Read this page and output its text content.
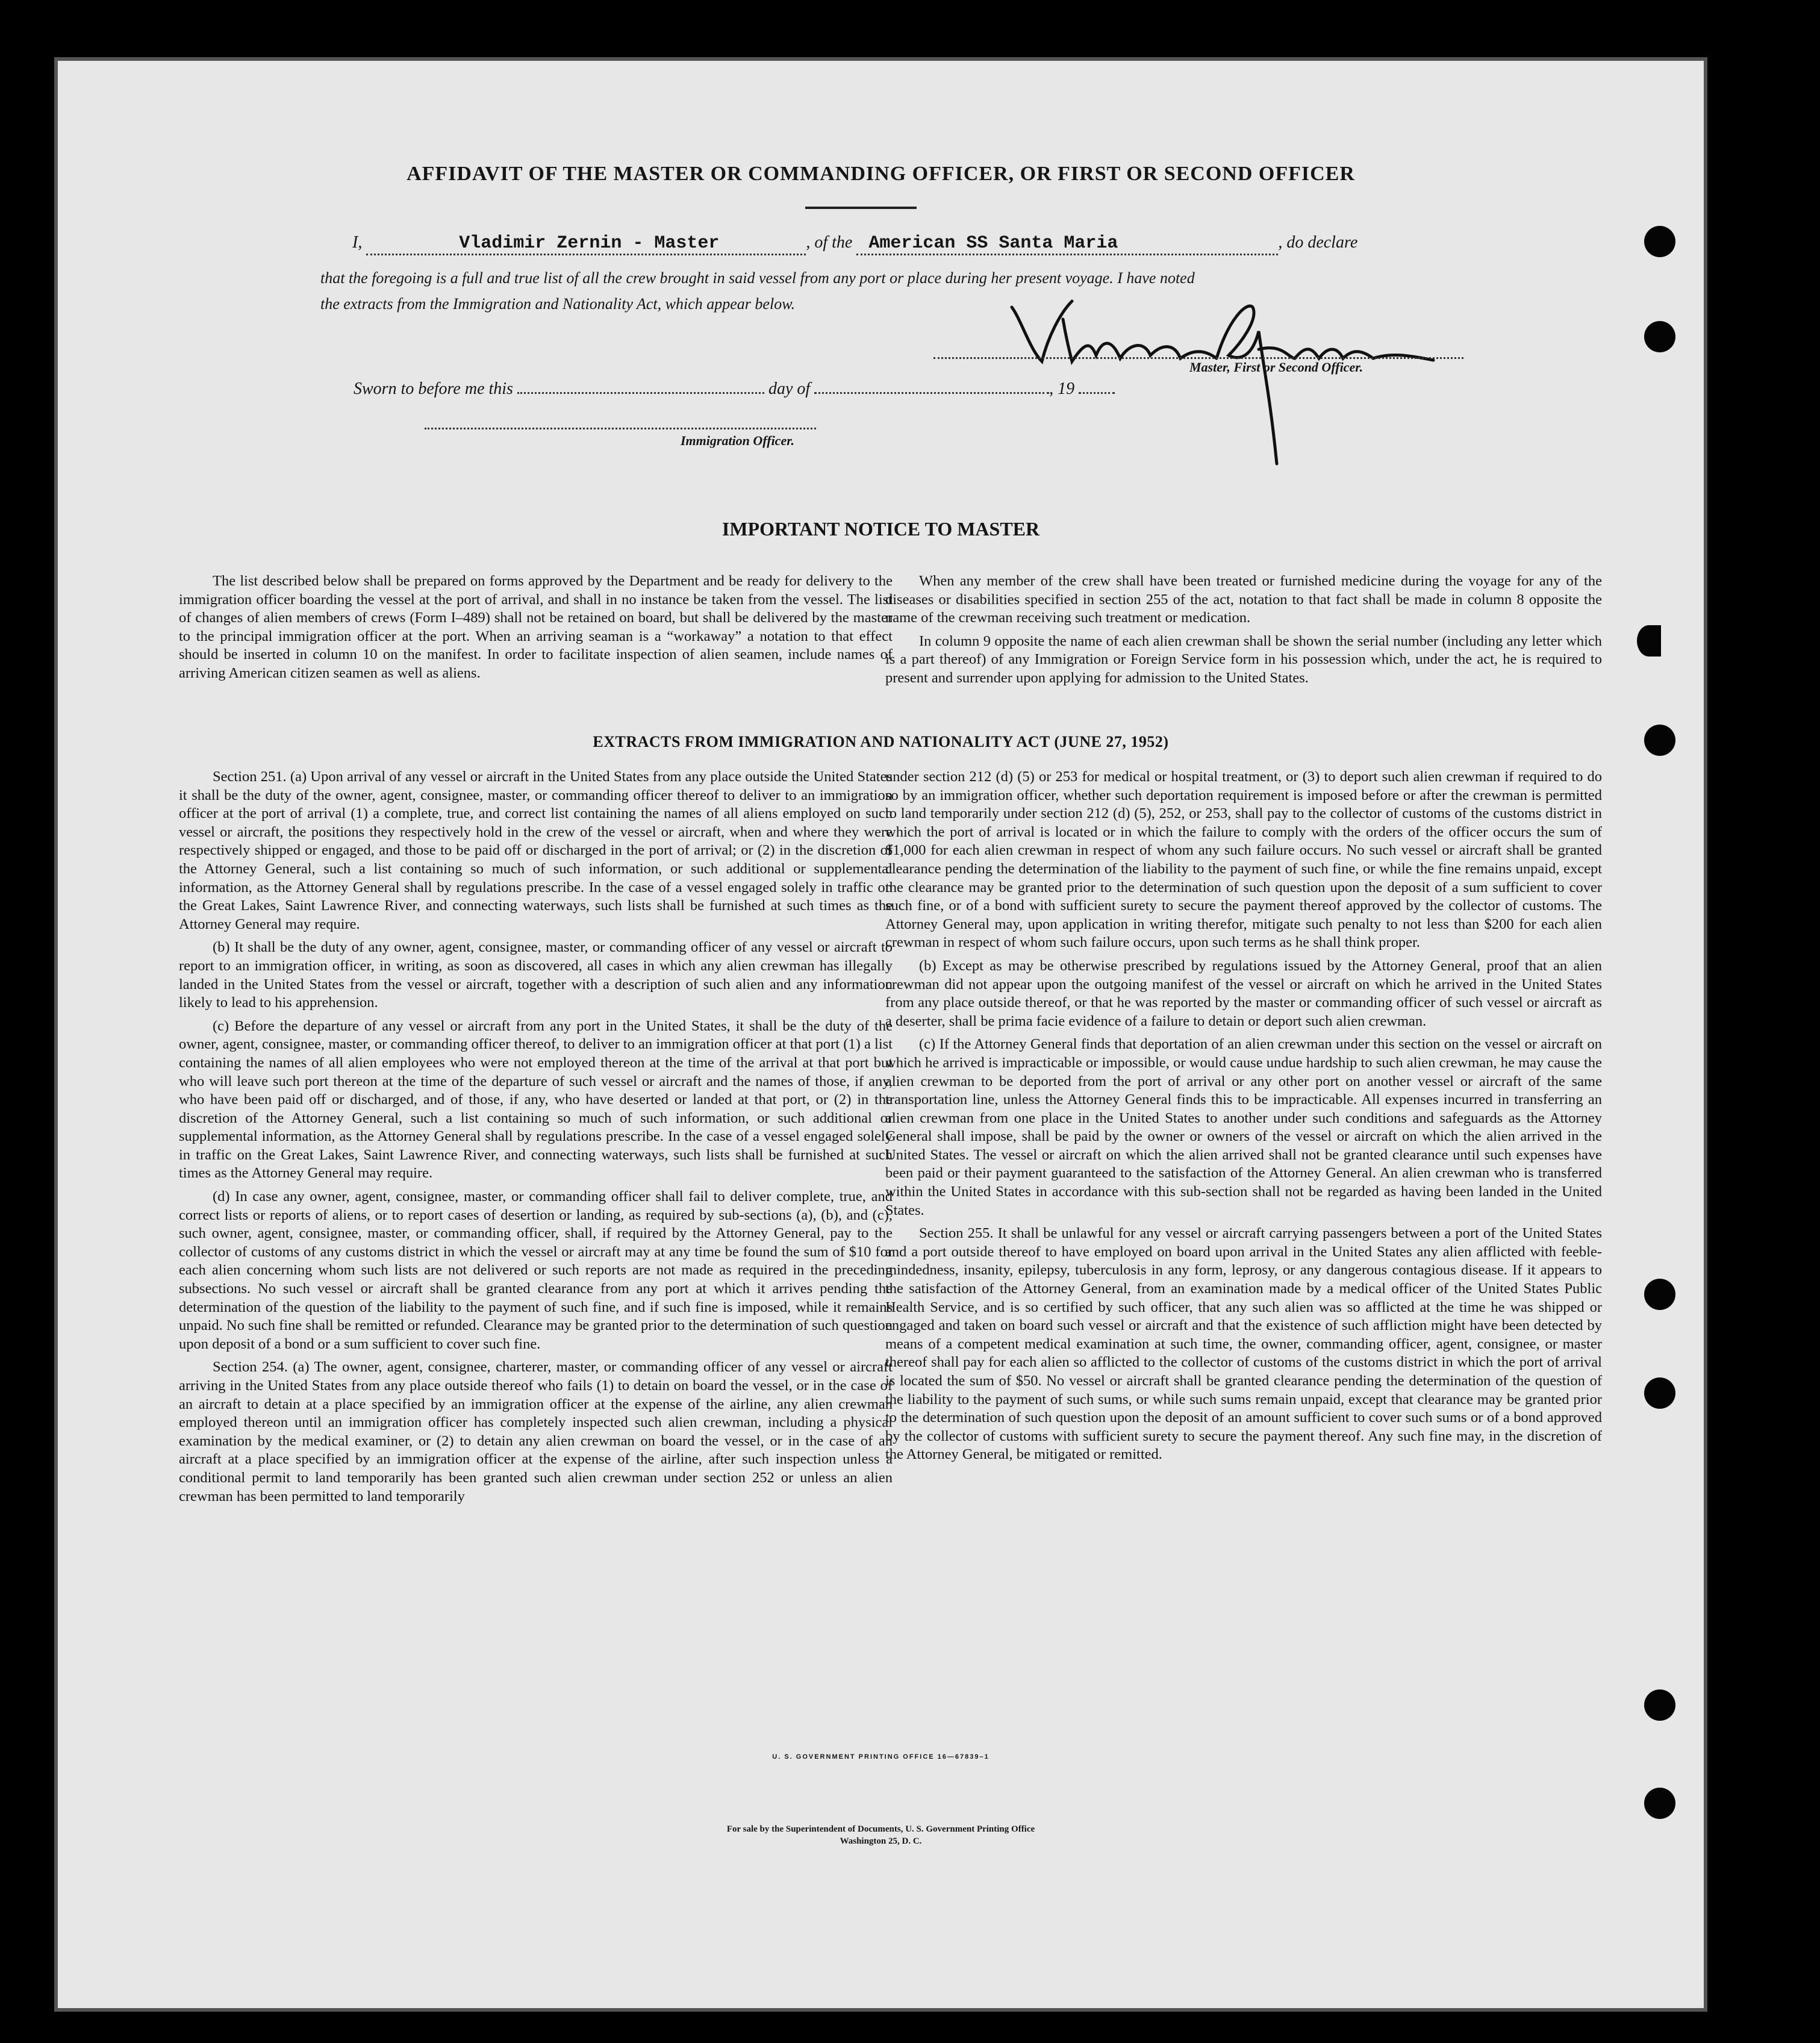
AFFIDAVIT OF THE MASTER OR COMMANDING OFFICER, OR FIRST OR SECOND OFFICER
I,	Vladimir Zernin - Master	, of the American SS Santa Maria	, do declare
that the foregoing is a full and true list of all the crew brought in said vessel from any port or place during her present voyage. I have noted
the extracts from the Immigration and Nationality Act, which appear below.
Master, First or Second Officer.
Sworn to before me this	day of	, 19
Immigration Officer.
IMPORTANT NOTICE TO MASTER

The list described below shall be prepared on forms approved by the Department and be ready for delivery to the immigration officer boarding the vessel at the port of arrival, and shall in no instance be taken from the vessel. The list of changes of alien members of crews (Form I–489) shall not be retained on board, but shall be delivered by the master to the principal immigration officer at the port. When an arriving seaman is a “workaway” a notation to that effect should be inserted in column 10 on the manifest. In order to facilitate inspection of alien seamen, include names of arriving American citizen seamen as well as aliens.

When any member of the crew shall have been treated or furnished medicine during the voyage for any of the diseases or disabilities specified in section 255 of the act, notation to that fact shall be made in column 8 opposite the name of the crewman receiving such treatment or medication.

In column 9 opposite the name of each alien crewman shall be shown the serial number (including any letter which is a part thereof) of any Immigration or Foreign Service form in his possession which, under the act, he is required to present and surrender upon applying for admission to the United States.

EXTRACTS FROM IMMIGRATION AND NATIONALITY ACT (JUNE 27, 1952)

Section 251. (a) Upon arrival of any vessel or aircraft in the United States from any place outside the United States it shall be the duty of the owner, agent, consignee, master, or commanding officer thereof to deliver to an immigration officer at the port of arrival (1) a complete, true, and correct list containing the names of all aliens employed on such vessel or aircraft, the positions they respectively hold in the crew of the vessel or aircraft, when and where they were respectively shipped or engaged, and those to be paid off or discharged in the port of arrival; or (2) in the discretion of the Attorney General, such a list containing so much of such information, or such additional or supplemental information, as the Attorney General shall by regulations prescribe. In the case of a vessel engaged solely in traffic on the Great Lakes, Saint Lawrence River, and connecting waterways, such lists shall be furnished at such times as the Attorney General may require.

(b) It shall be the duty of any owner, agent, consignee, master, or commanding officer of any vessel or aircraft to report to an immigration officer, in writing, as soon as discovered, all cases in which any alien crewman has illegally landed in the United States from the vessel or aircraft, together with a description of such alien and any information likely to lead to his apprehension.

(c) Before the departure of any vessel or aircraft from any port in the United States, it shall be the duty of the owner, agent, consignee, master, or commanding officer thereof, to deliver to an immigration officer at that port (1) a list containing the names of all alien employees who were not employed thereon at the time of the arrival at that port but who will leave such port thereon at the time of the departure of such vessel or aircraft and the names of those, if any, who have been paid off or discharged, and of those, if any, who have deserted or landed at that port, or (2) in the discretion of the Attorney General, such a list containing so much of such information, or such additional or supplemental information, as the Attorney General shall by regulations prescribe. In the case of a vessel engaged solely in traffic on the Great Lakes, Saint Lawrence River, and connecting waterways, such lists shall be furnished at such times as the Attorney General may require.

(d) In case any owner, agent, consignee, master, or commanding officer shall fail to deliver complete, true, and correct lists or reports of aliens, or to report cases of desertion or landing, as required by sub-sections (a), (b), and (c), such owner, agent, consignee, master, or commanding officer, shall, if required by the Attorney General, pay to the collector of customs of any customs district in which the vessel or aircraft may at any time be found the sum of $10 for each alien concerning whom such lists are not delivered or such reports are not made as required in the preceding subsections. No such vessel or aircraft shall be granted clearance from any port at which it arrives pending the determination of the question of the liability to the payment of such fine, and if such fine is imposed, while it remains unpaid. No such fine shall be remitted or refunded. Clearance may be granted prior to the determination of such question upon deposit of a bond or a sum sufficient to cover such fine.

Section 254. (a) The owner, agent, consignee, charterer, master, or commanding officer of any vessel or aircraft arriving in the United States from any place outside thereof who fails (1) to detain on board the vessel, or in the case of an aircraft to detain at a place specified by an immigration officer at the expense of the airline, any alien crewman employed thereon until an immigration officer has completely inspected such alien crewman, including a physical examination by the medical examiner, or (2) to detain any alien crewman on board the vessel, or in the case of an aircraft at a place specified by an immigration officer at the expense of the airline, after such inspection unless a conditional permit to land temporarily has been granted such alien crewman under section 252 or unless an alien crewman has been permitted to land temporarily

under section 212 (d) (5) or 253 for medical or hospital treatment, or (3) to deport such alien crewman if required to do so by an immigration officer, whether such deportation requirement is imposed before or after the crewman is permitted to land temporarily under section 212 (d) (5), 252, or 253, shall pay to the collector of customs of the customs district in which the port of arrival is located or in which the failure to comply with the orders of the officer occurs the sum of $1,000 for each alien crewman in respect of whom any such failure occurs. No such vessel or aircraft shall be granted clearance pending the determination of the liability to the payment of such fine, or while the fine remains unpaid, except the clearance may be granted prior to the determination of such question upon the deposit of a sum sufficient to cover such fine, or of a bond with sufficient surety to secure the payment thereof approved by the collector of customs. The Attorney General may, upon application in writing therefor, mitigate such penalty to not less than $200 for each alien crewman in respect of whom such failure occurs, upon such terms as he shall think proper.

(b) Except as may be otherwise prescribed by regulations issued by the Attorney General, proof that an alien crewman did not appear upon the outgoing manifest of the vessel or aircraft on which he arrived in the United States from any place outside thereof, or that he was reported by the master or commanding officer of such vessel or aircraft as a deserter, shall be prima facie evidence of a failure to detain or deport such alien crewman.

(c) If the Attorney General finds that deportation of an alien crewman under this section on the vessel or aircraft on which he arrived is impracticable or impossible, or would cause undue hardship to such alien crewman, he may cause the alien crewman to be deported from the port of arrival or any other port on another vessel or aircraft of the same transportation line, unless the Attorney General finds this to be impracticable. All expenses incurred in transferring an alien crewman from one place in the United States to another under such conditions and safeguards as the Attorney General shall impose, shall be paid by the owner or owners of the vessel or aircraft on which the alien arrived in the United States. The vessel or aircraft on which the alien arrived shall not be granted clearance until such expenses have been paid or their payment guaranteed to the satisfaction of the Attorney General. An alien crewman who is transferred within the United States in accordance with this sub-section shall not be regarded as having been landed in the United States.

Section 255. It shall be unlawful for any vessel or aircraft carrying passengers between a port of the United States and a port outside thereof to have employed on board upon arrival in the United States any alien afflicted with feeble-mindedness, insanity, epilepsy, tuberculosis in any form, leprosy, or any dangerous contagious disease. If it appears to the satisfaction of the Attorney General, from an examination made by a medical officer of the United States Public Health Service, and is so certified by such officer, that any such alien was so afflicted at the time he was shipped or engaged and taken on board such vessel or aircraft and that the existence of such affliction might have been detected by means of a competent medical examination at such time, the owner, commanding officer, agent, consignee, or master thereof shall pay for each alien so afflicted to the collector of customs of the customs district in which the port of arrival is located the sum of $50. No vessel or aircraft shall be granted clearance pending the determination of the question of the liability to the payment of such sums, or while such sums remain unpaid, except that clearance may be granted prior to the determination of such question upon the deposit of an amount sufficient to cover such sums or of a bond approved by the collector of customs with sufficient surety to secure the payment thereof. Any such fine may, in the discretion of the Attorney General, be mitigated or remitted.

U. S. GOVERNMENT PRINTING OFFICE 16—67839–1
For sale by the Superintendent of Documents, U. S. Government Printing Office
Washington 25, D. C.
